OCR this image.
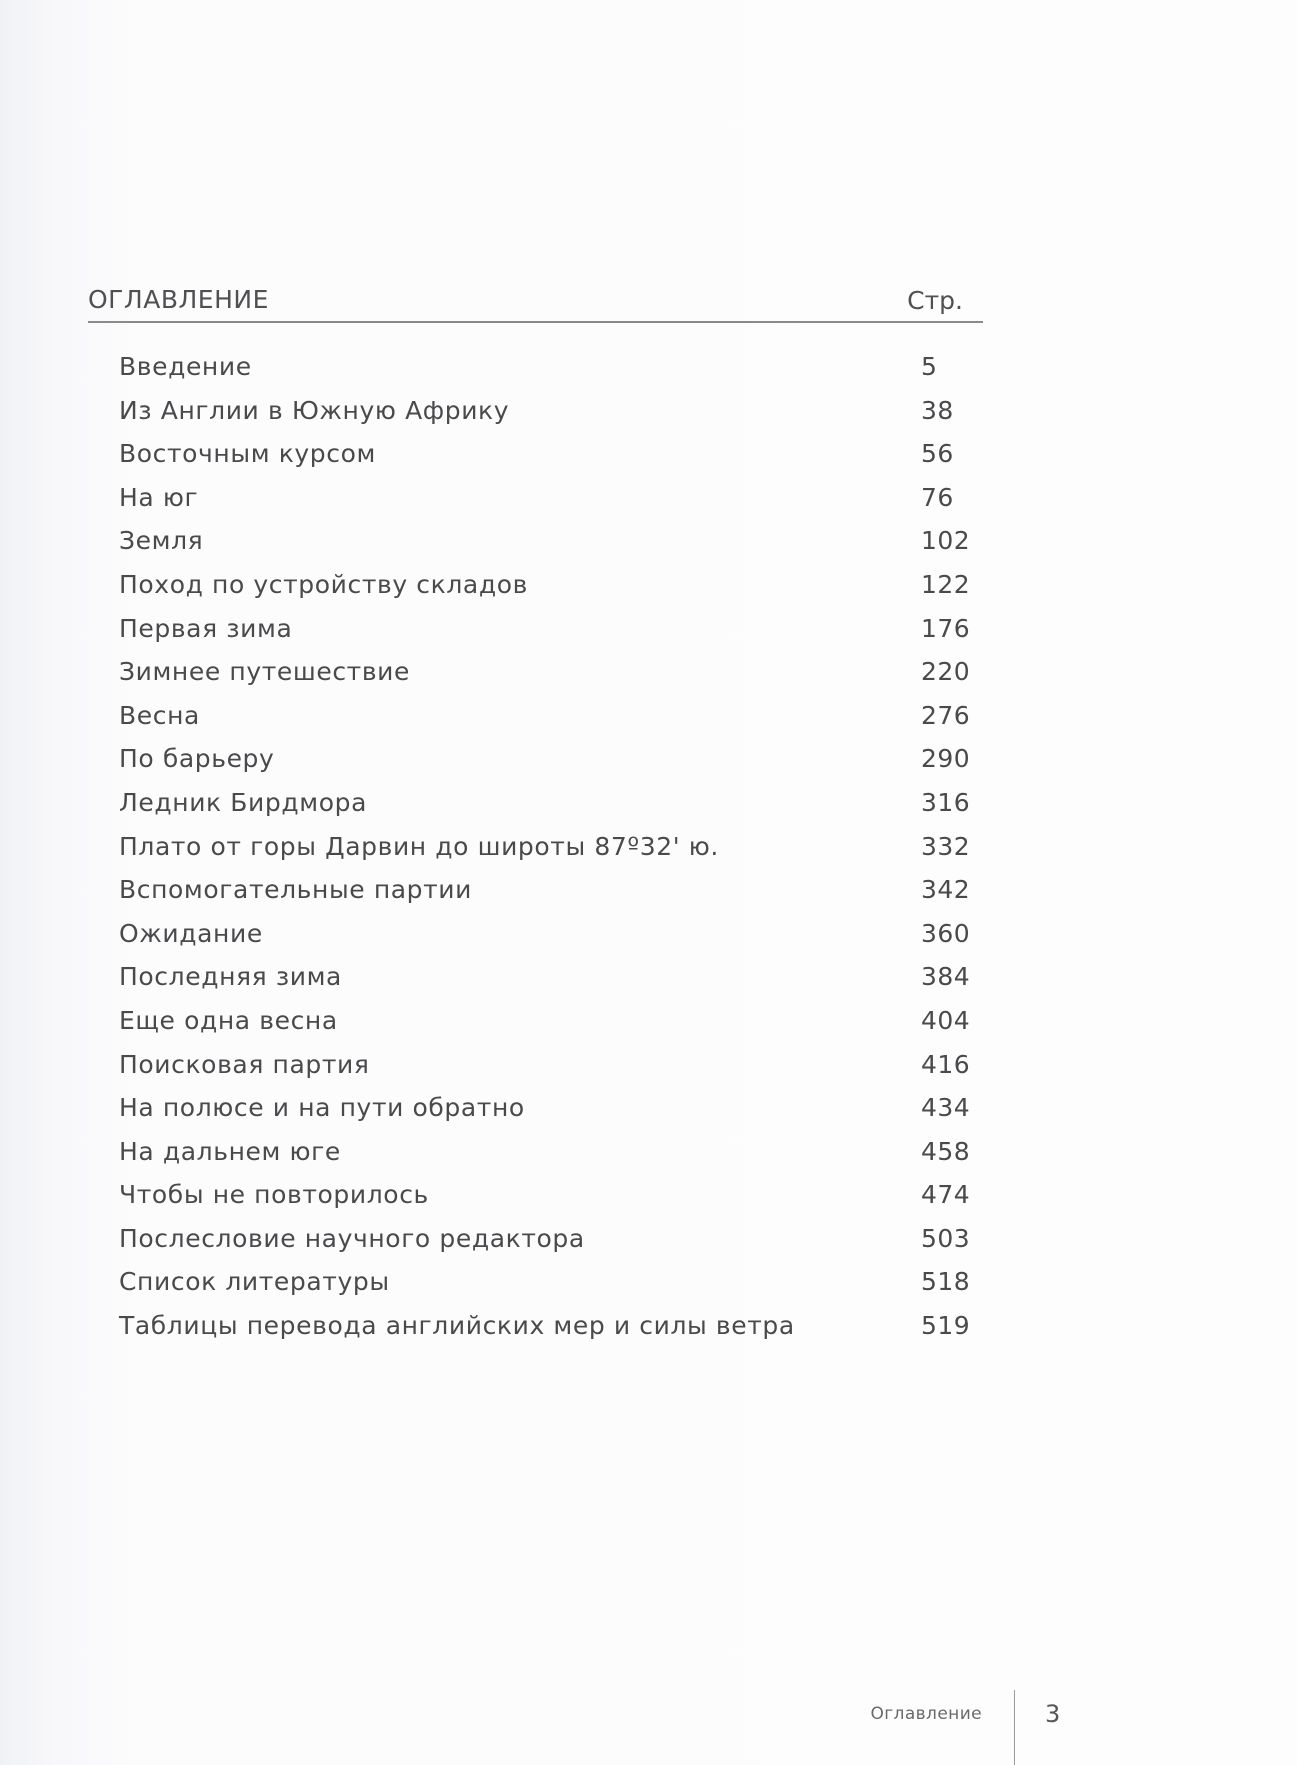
ОГЛАВЛЕНИЕ	Стр.
Введение	5
Из Англии в Южную Африку	38
Восточным курсом	56
На юг	76
Земля	102
Поход по устройству складов	122
Первая зима	176
Зимнее путешествие	220
Весна	276
По барьеру	290
Ледник Бирдмора	316
Плато от горы Дарвин до широты 87º32' ю.	332
Вспомогательные партии	342
Ожидание	360
Последняя зима	384
Еще одна весна	404
Поисковая партия	416
На полюсе и на пути обратно	434
На дальнем юге	458
Чтобы не повторилось	474
Послесловие научного редактора	503
Список литературы	518
Таблицы перевода английских мер и силы ветра	519
Оглавление	3
